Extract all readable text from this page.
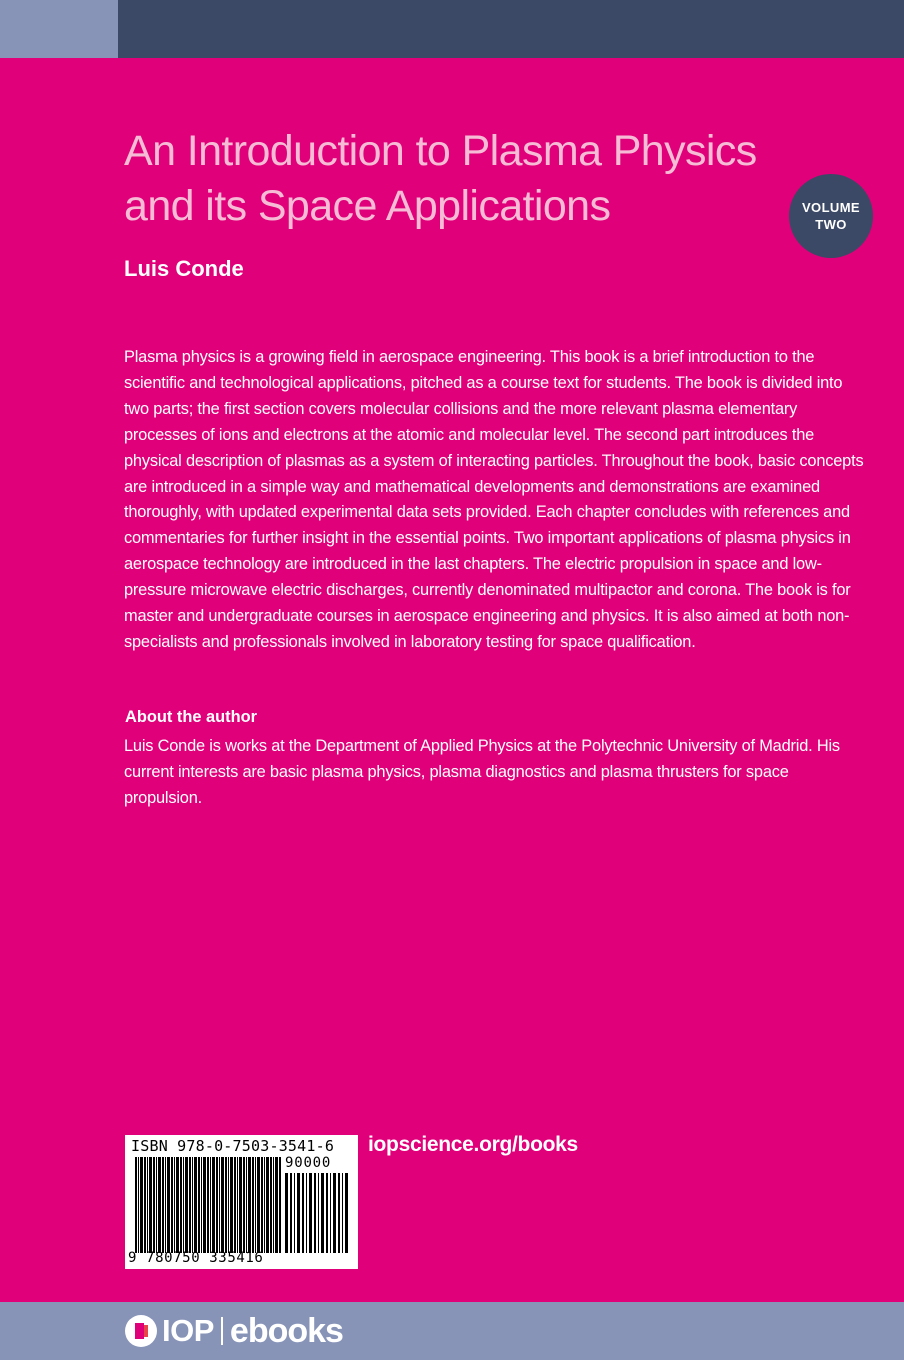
An Introduction to Plasma Physics
and its Space Applications	VOLUME
TWO

Luis Conde

Plasma physics is a growing field in aerospace engineering. This book is a brief introduction to the scientific and technological applications, pitched as a course text for students. The book is divided into two parts; the first section covers molecular collisions and the more relevant plasma elementary processes of ions and electrons at the atomic and molecular level. The second part introduces the physical description of plasmas as a system of interacting particles. Throughout the book, basic concepts are introduced in a simple way and mathematical developments and demonstrations are examined thoroughly, with updated experimental data sets provided. Each chapter concludes with references and commentaries for further insight in the essential points. Two important applications of plasma physics in aerospace technology are introduced in the last chapters. The electric propulsion in space and low-pressure microwave electric discharges, currently denominated multipactor and corona. The book is for master and undergraduate courses in aerospace engineering and physics. It is also aimed at both non-specialists and professionals involved in laboratory testing for space qualification.

About the author

Luis Conde is works at the Department of Applied Physics at the Polytechnic University of Madrid. His current interests are basic plasma physics, plasma diagnostics and plasma thrusters for space propulsion.

ISBN 978-0-7503-3541-6
90000
9 780750 335416

iopscience.org/books

IOP ebooks
